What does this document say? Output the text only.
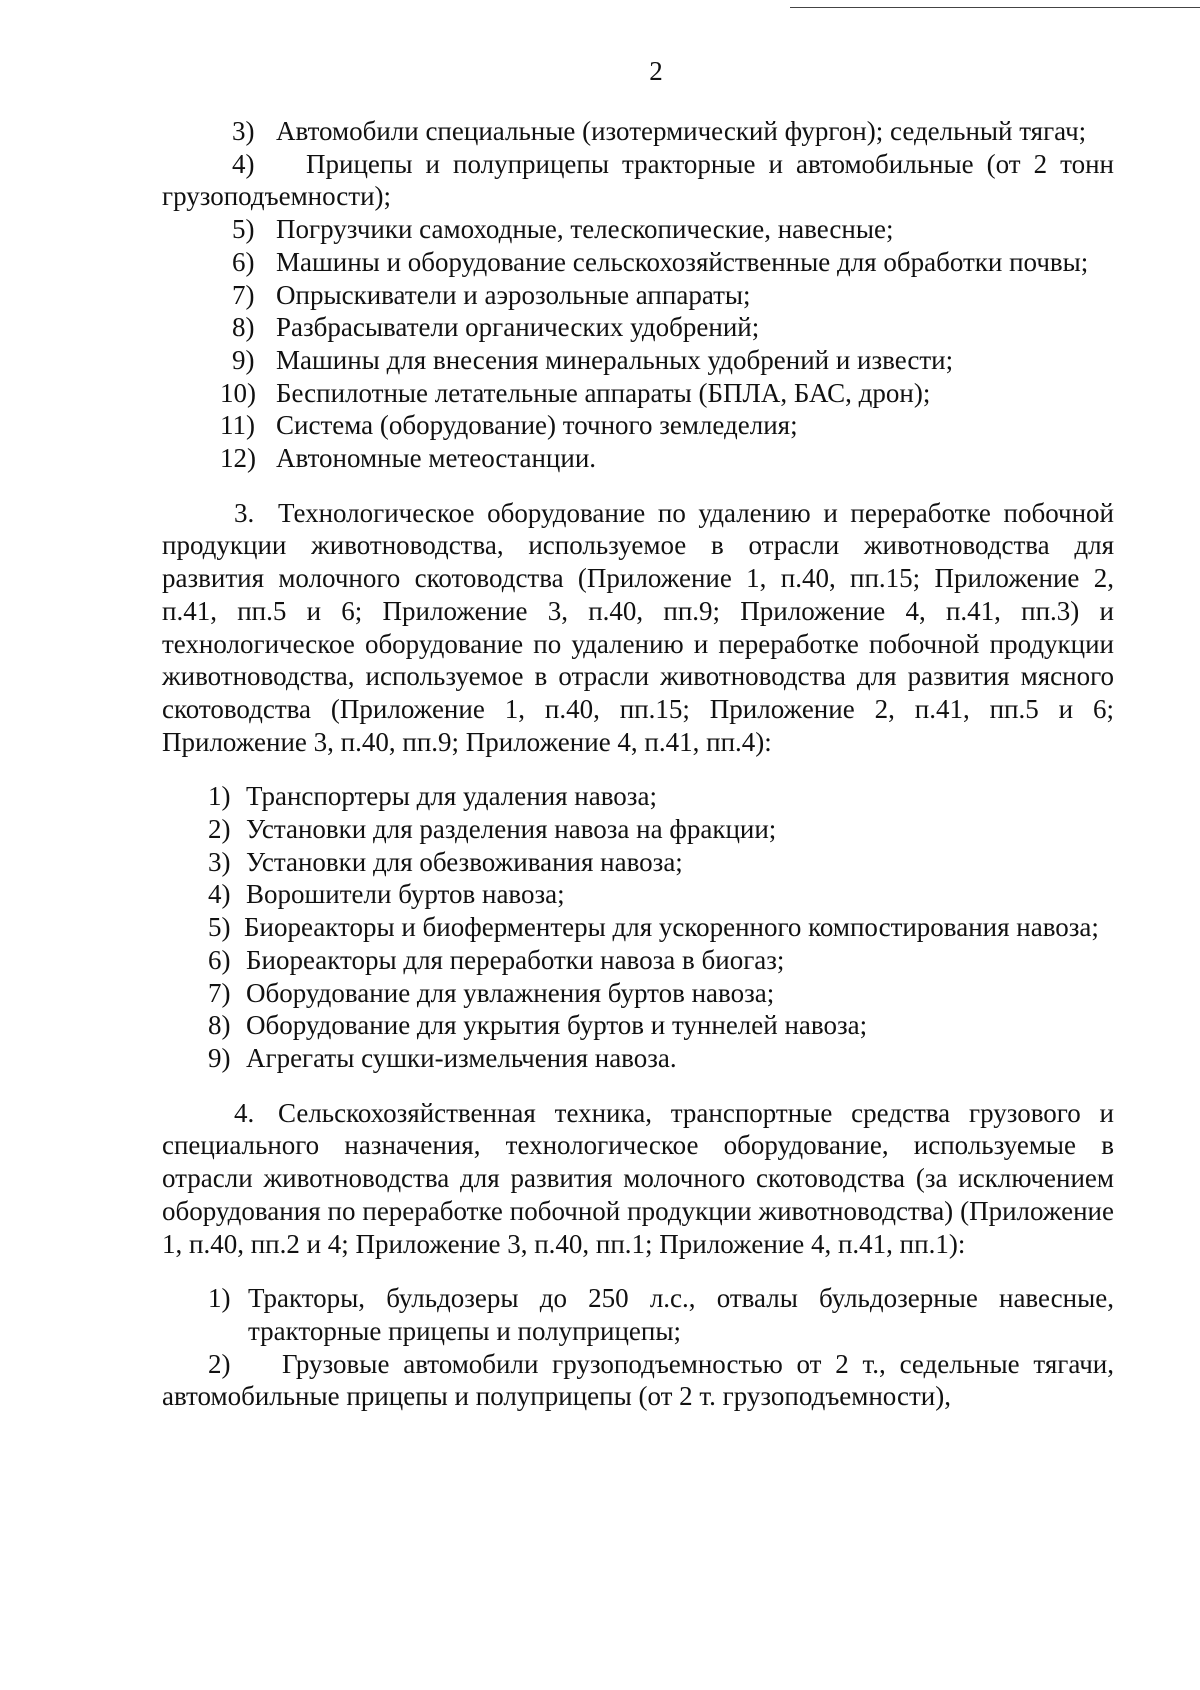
2
3) Автомобили специальные (изотермический фургон); седельный тягач;

4) Прицепы и полуприцепы тракторные и автомобильные (от 2 тонн грузоподъемности);

5) Погрузчики самоходные, телескопические, навесные;
6) Машины и оборудование сельскохозяйственные для обработки почвы;
7) Опрыскиватели и аэрозольные аппараты;
8) Разбрасыватели органических удобрений;
9) Машины для внесения минеральных удобрений и извести;
10) Беспилотные летательные аппараты (БПЛА, БАС, дрон);
11) Система (оборудование) точного земледелия;
12) Автономные метеостанции.

3. Технологическое оборудование по удалению и переработке побочной продукции животноводства, используемое в отрасли животноводства для развития молочного скотоводства (Приложение 1, п.40, пп.15; Приложение 2, п.41, пп.5 и 6; Приложение 3, п.40, пп.9; Приложение 4, п.41, пп.3) и технологическое оборудование по удалению и переработке побочной продукции животноводства, используемое в отрасли животноводства для развития мясного скотоводства (Приложение 1, п.40, пп.15; Приложение 2, п.41, пп.5 и 6; Приложение 3, п.40, пп.9; Приложение 4, п.41, пп.4):

1) Транспортеры для удаления навоза;
2) Установки для разделения навоза на фракции;
3) Установки для обезвоживания навоза;
4) Ворошители буртов навоза;

5) Биореакторы и биоферментеры для ускоренного компостирования навоза;

6) Биореакторы для переработки навоза в биогаз;
7) Оборудование для увлажнения буртов навоза;
8) Оборудование для укрытия буртов и туннелей навоза;
9) Агрегаты сушки-измельчения навоза.

4. Сельскохозяйственная техника, транспортные средства грузового и специального назначения, технологическое оборудование, используемые в отрасли животноводства для развития молочного скотоводства (за исключением оборудования по переработке побочной продукции животноводства) (Приложение 1, п.40, пп.2 и 4; Приложение 3, п.40, пп.1; Приложение 4, п.41, пп.1):

1) Тракторы, бульдозеры до 250 л.с., отвалы бульдозерные навесные, тракторные прицепы и полуприцепы;

2) Грузовые автомобили грузоподъемностью от 2 т., седельные тягачи, автомобильные прицепы и полуприцепы (от 2 т. грузоподъемности),
